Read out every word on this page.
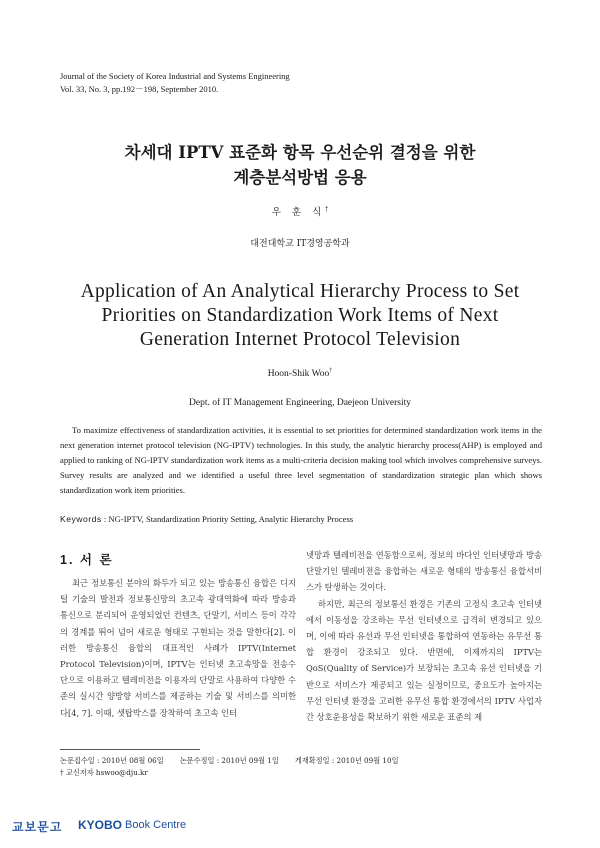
Journal of the Society of Korea Industrial and Systems Engineering
Vol. 33, No. 3, pp.192－198, September 2010.
차세대 IPTV 표준화 항목 우선순위 결정을 위한
계층분석방법 응용
우 훈 식†
대전대학교 IT경영공학과
Application of An Analytical Hierarchy Process to Set
Priorities on Standardization Work Items of Next
Generation Internet Protocol Television
Hoon-Shik Woo†
Dept. of IT Management Engineering, Daejeon University
To maximize effectiveness of standardization activities, it is essential to set priorities for determined standardization work items in the next generation internet protocol television (NG-IPTV) technologies. In this study, the analytic hierarchy process(AHP) is employed and applied to ranking of NG-IPTV standardization work items as a multi-criteria decision making tool which involves comprehensive surveys. Survey results are analyzed and we identified a useful three level segmentation of standardization strategic plan which shows standardization work item priorities.
Keywords : NG-IPTV, Standardization Priority Setting, Analytic Hierarchy Process
1. 서 론

최근 정보통신 분야의 화두가 되고 있는 방송통신 융합은 디지털 기술의 발전과 정보통신망의 초고속 광대역화에 따라 방송과 통신으로 분리되어 운영되었던 컨텐츠, 단말기, 서비스 등이 각각의 경계를 뛰어 넘어 새로운 형태로 구현되는 것을 말한다[2]. 이러한 방송통신 융합의 대표적인 사례가 IPTV(Internet Protocol Television)이며, IPTV는 인터넷 초고속망을 전송수단으로 이용하고 텔레비전을 이용자의 단말로 사용하여 다양한 수준의 실시간 양방향 서비스를 제공하는 기술 및 서비스를 의미한다[4, 7]. 이때, 셋탑박스를 장착하여 초고속 인터

넷망과 텔레비전을 연동함으로써, 정보의 바다인 인터넷망과 방송 단말기인 텔레비전을 융합하는 새로운 형태의 방송통신 융합서비스가 탄생하는 것이다.

하지만, 최근의 정보통신 환경은 기존의 고정식 초고속 인터넷에서 이동성을 강조하는 무선 인터넷으로 급격히 변경되고 있으며, 이에 따라 유선과 무선 인터넷을 통합하여 연동하는 유무선 통합 환경이 강조되고 있다. 반면에, 이제까지의 IPTV는 QoS(Quality of Service)가 보장되는 초고속 유선 인터넷을 기반으로 서비스가 제공되고 있는 실정이므로, 중요도가 높아지는 무선 인터넷 환경을 고려한 유무선 통합 환경에서의 IPTV 사업자간 상호운용성을 확보하기 위한 새로운 표준의 제

논문접수일 : 2010년 08월 06일 논문수정일 : 2010년 09월 1일 게재확정일 : 2010년 09월 10일
† 교신저자 hswoo@dju.kr
교보문고 KYOBO Book Centre
